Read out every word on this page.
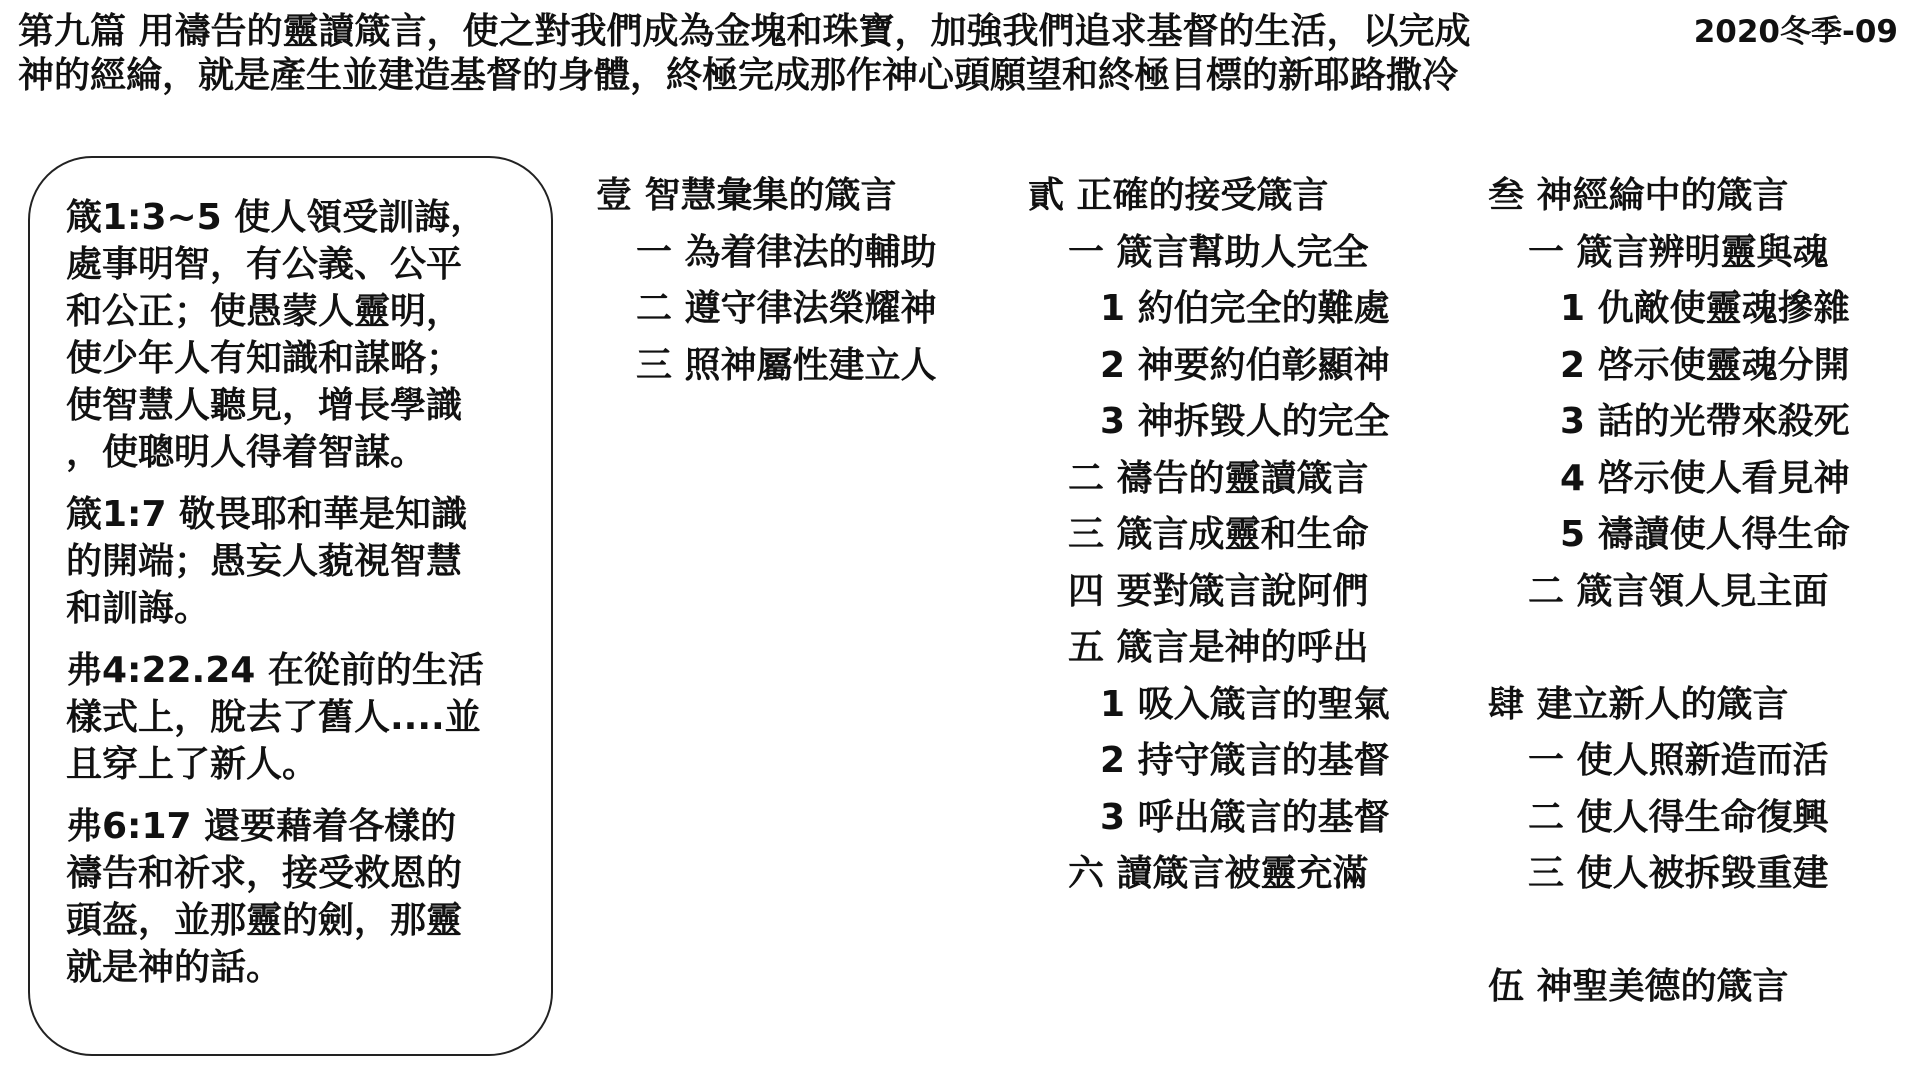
第九篇 用禱告的靈讀箴言，使之對我們成為金塊和珠寶，加強我們追求基督的生活，以完成
神的經綸，就是產生並建造基督的身體，終極完成那作神心頭願望和終極目標的新耶路撒冷
2020冬季-09
箴1:3~5 使人領受訓誨，
處事明智，有公義、公平
和公正；使愚蒙人靈明，
使少年人有知識和謀略；
使智慧人聽見，增長學識
，使聰明人得着智謀。
箴1:7 敬畏耶和華是知識
的開端；愚妄人藐視智慧
和訓誨。
弗4:22.24 在從前的生活
樣式上，脫去了舊人....並
且穿上了新人。
弗6:17 還要藉着各樣的
禱告和祈求，接受救恩的
頭盔，並那靈的劍，那靈
就是神的話。
壹 智慧彙集的箴言
一 為着律法的輔助
二 遵守律法榮耀神
三 照神屬性建立人
貳 正確的接受箴言
一 箴言幫助人完全
1 約伯完全的難處
2 神要約伯彰顯神
3 神拆毀人的完全
二 禱告的靈讀箴言
三 箴言成靈和生命
四 要對箴言說阿們
五 箴言是神的呼出
1 吸入箴言的聖氣
2 持守箴言的基督
3 呼出箴言的基督
六 讀箴言被靈充滿
叁 神經綸中的箴言
一 箴言辨明靈與魂
1 仇敵使靈魂摻雜
2 啓示使靈魂分開
3 話的光帶來殺死
4 啓示使人看見神
5 禱讀使人得生命
二 箴言領人見主面
肆 建立新人的箴言
一 使人照新造而活
二 使人得生命復興
三 使人被拆毀重建
伍 神聖美德的箴言
